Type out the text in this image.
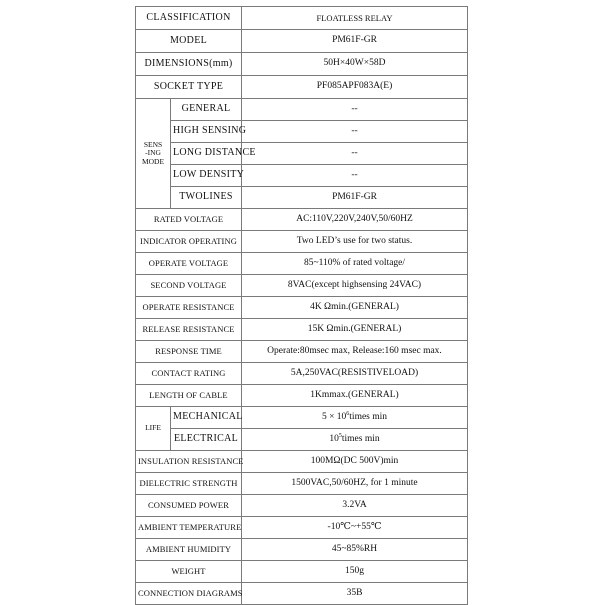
CLASSIFICATION		FLOATLESS RELAY
MODEL		PM61F-GR
DIMENSIONS(mm)		50H×40W×58D
SOCKET TYPE		PF085APF083A(E)
SENS
-ING
MODE	GENERAL	--
	HIGH SENSING	--
	LONG DISTANCE	--
	LOW DENSITY	--
	TWOLINES	PM61F-GR
RATED VOLTAGE		AC:110V,220V,240V,50/60HZ
INDICATOR OPERATING		Two LED’s use for two status.
OPERATE VOLTAGE		85~110% of rated voltage/
SECOND VOLTAGE		8VAC(except highsensing 24VAC)
OPERATE RESISTANCE		4K Ωmin.(GENERAL)
RELEASE RESISTANCE		15K Ωmin.(GENERAL)
RESPONSE TIME		Operate:80msec max, Release:160 msec max.
CONTACT RATING		5A,250VAC(RESISTIVELOAD)
LENGTH OF CABLE		1Kmmax.(GENERAL)
LIFE	MECHANICAL	$5 \times 10^6times$ min
	ELECTRICAL	$10^5times$ min
INSULATION RESISTANCE		100MΩ(DC 500V)min
DIELECTRIC STRENGTH		1500VAC,50/60HZ, for 1 minute
CONSUMED POWER		3.2VA
AMBIENT TEMPERATURE		-10℃~+55℃
AMBIENT HUMIDITY		45~85%RH
WEIGHT		150g
CONNECTION DIAGRAMS		35B
